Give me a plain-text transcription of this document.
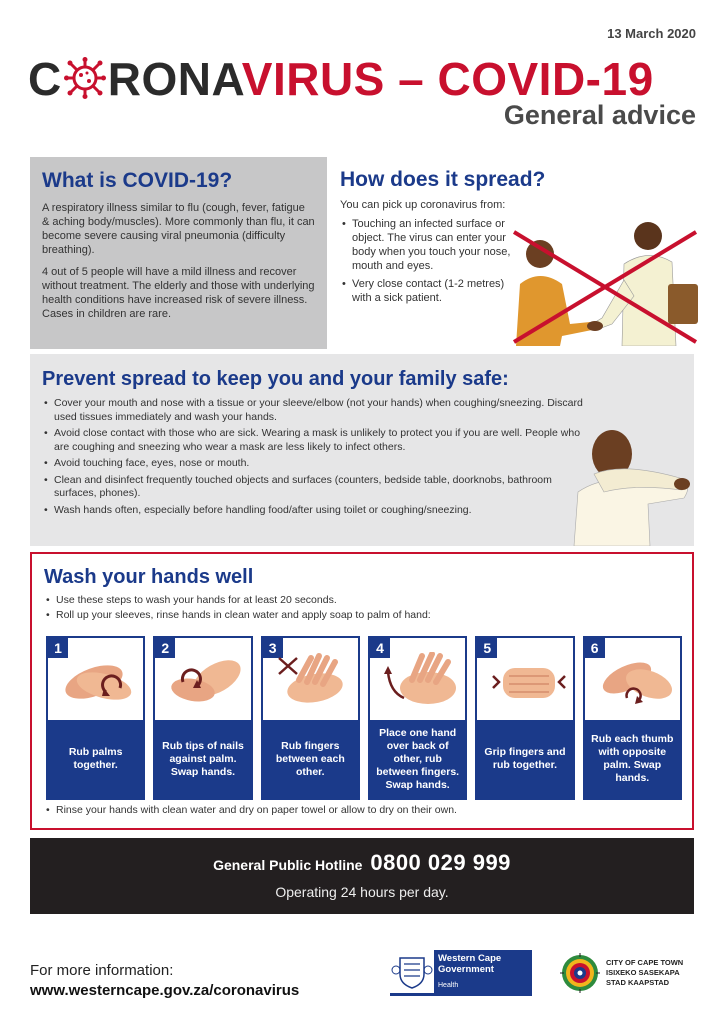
13 March 2020
C RONAVIRUS – COVID-19
General advice
What is COVID-19?

A respiratory illness similar to flu (cough, fever, fatigue & aching body/muscles). More commonly than flu, it can become severe causing viral pneumonia (difficulty breathing).

4 out of 5 people will have a mild illness and recover without treatment. The elderly and those with underlying health conditions have increased risk of severe illness. Cases in children are rare.

How does it spread?

You can pick up coronavirus from:

• Touching an infected surface or object. The virus can enter your body when you touch your nose, mouth and eyes.
• Very close contact (1-2 metres) with a sick patient.
Prevent spread to keep you and your family safe:
• Cover your mouth and nose with a tissue or your sleeve/elbow (not your hands) when coughing/sneezing. Discard used tissues immediately and wash your hands.
• Avoid close contact with those who are sick. Wearing a mask is unlikely to protect you if you are well. People who are coughing and sneezing who wear a mask are less likely to infect others.
• Avoid touching face, eyes, nose or mouth.
• Clean and disinfect frequently touched objects and surfaces (counters, bedside table, doorknobs, bathroom surfaces, phones).
• Wash hands often, especially before handling food/after using toilet or coughing/sneezing.
Wash your hands well
• Use these steps to wash your hands for at least 20 seconds.
• Roll up your sleeves, rinse hands in clean water and apply soap to palm of hand:
1
Rub palms together.
2
Rub tips of nails against palm. Swap hands.
3
Rub fingers between each other.
4
Place one hand over back of other, rub between fingers. Swap hands.
5
Grip fingers and rub together.
6
Rub each thumb with opposite palm. Swap hands.
• Rinse your hands with clean water and dry on paper towel or allow to dry on their own.
General Public Hotline 0800 029 999
Operating 24 hours per day.
For more information:
www.westerncape.gov.za/coronavirus
Western Cape
Government
Health
CITY OF CAPE TOWN
ISIXEKO SASEKAPA
STAD KAAPSTAD
